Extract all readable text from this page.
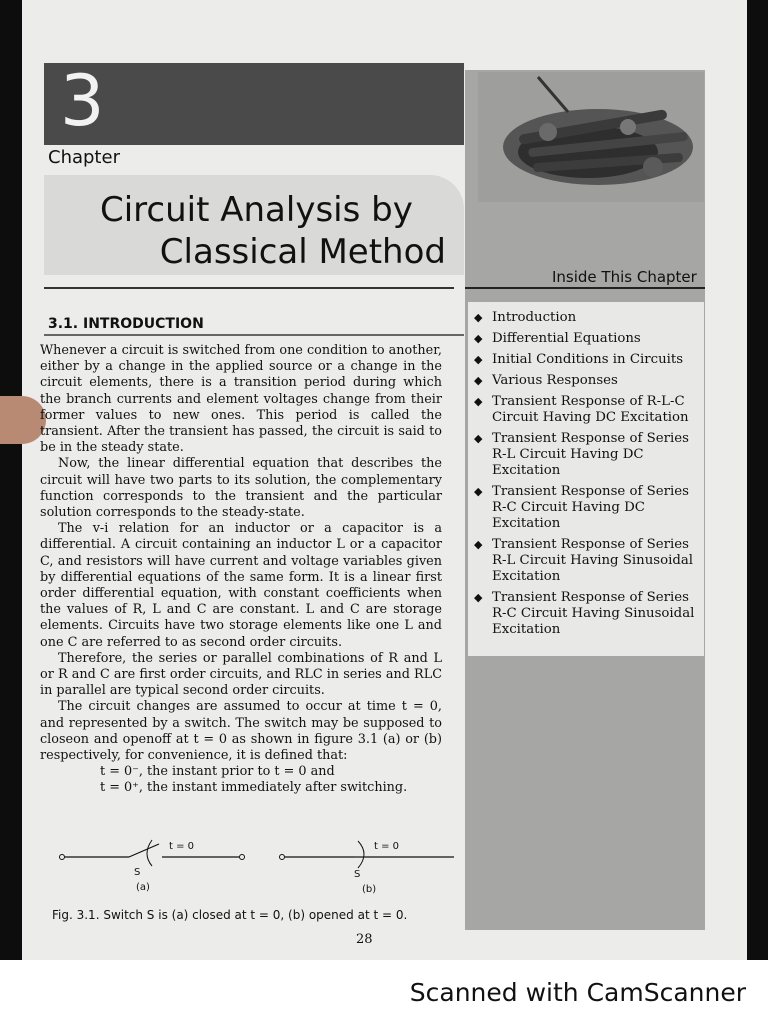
Scanned with CamScanner
Inside This Chapter
◆ Introduction
◆ Differential Equations
◆ Initial Conditions in Circuits
◆ Various Responses
◆ Transient Response of R-L-C Circuit Having DC Excitation
◆ Transient Response of Series R-L Circuit Having DC Excitation
◆ Transient Response of Series R-C Circuit Having DC Excitation
◆ Transient Response of Series R-L Circuit Having Sinusoidal Excitation
◆ Transient Response of Series R-C Circuit Having Sinusoidal Excitation
3
Chapter
Circuit Analysis by
Classical Method
3.1. INTRODUCTION

Whenever a circuit is switched from one condition to another, either by a change in the applied source or a change in the circuit elements, there is a transition period during which the branch currents and element voltages change from their former values to new ones. This period is called the transient. After the transient has passed, the circuit is said to be in the steady state.

Now, the linear differential equation that describes the circuit will have two parts to its solution, the complementary function corresponds to the transient and the particular solution corresponds to the steady-state.

The v-i relation for an inductor or a capacitor is a differential. A circuit containing an inductor L or a capacitor C, and resistors will have current and voltage variables given by differential equations of the same form. It is a linear first order differential equation, with constant coefficients when the values of R, L and C are constant. L and C are storage elements. Circuits have two storage elements like one L and one C are referred to as second order circuits.

Therefore, the series or parallel combinations of R and L or R and C are first order circuits, and RLC in series and RLC in parallel are typical second order circuits.

The circuit changes are assumed to occur at time t = 0, and represented by a switch. The switch may be supposed to closeon and openoff at t = 0 as shown in figure 3.1 (a) or (b) respectively, for convenience, it is defined that:

t = 0⁻, the instant prior to t = 0 and
t = 0⁺, the instant immediately after switching.
t = 0
S
(a)
t = 0
S
(b)
Fig. 3.1. Switch S is (a) closed at t = 0, (b) opened at t = 0.
28
